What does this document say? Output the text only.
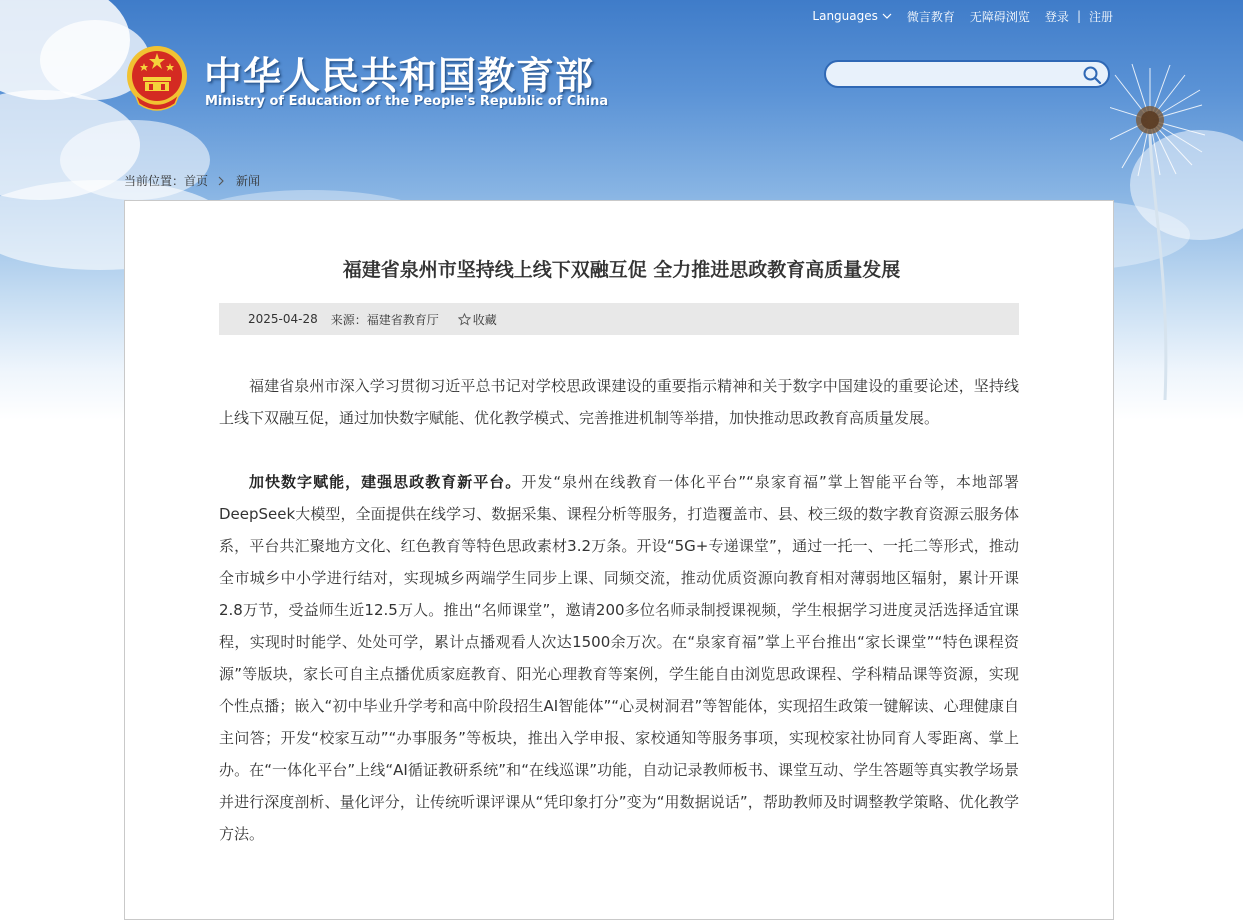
Languages 微言教育 无障碍浏览 登录 | 注册
中华人民共和国教育部
Ministry of Education of the People's Republic of China
当前位置： 首页 新闻
福建省泉州市坚持线上线下双融互促 全力推进思政教育高质量发展
2025-04-28 来源：福建省教育厅	收藏

福建省泉州市深入学习贯彻习近平总书记对学校思政课建设的重要指示精神和关于数字中国建设的重要论述，坚持线上线下双融互促，通过加快数字赋能、优化教学模式、完善推进机制等举措，加快推动思政教育高质量发展。

加快数字赋能，建强思政教育新平台。开发“泉州在线教育一体化平台”“泉家育福”掌上智能平台等，本地部署DeepSeek大模型，全面提供在线学习、数据采集、课程分析等服务，打造覆盖市、县、校三级的数字教育资源云服务体系，平台共汇聚地方文化、红色教育等特色思政素材3.2万条。开设“5G+专递课堂”，通过一托一、一托二等形式，推动全市城乡中小学进行结对，实现城乡两端学生同步上课、同频交流，推动优质资源向教育相对薄弱地区辐射，累计开课2.8万节，受益师生近12.5万人。推出“名师课堂”，邀请200多位名师录制授课视频，学生根据学习进度灵活选择适宜课程，实现时时能学、处处可学，累计点播观看人次达1500余万次。在“泉家育福”掌上平台推出“家长课堂”“特色课程资源”等版块，家长可自主点播优质家庭教育、阳光心理教育等案例，学生能自由浏览思政课程、学科精品课等资源，实现个性点播；嵌入“初中毕业升学考和高中阶段招生AI智能体”“心灵树洞君”等智能体，实现招生政策一键解读、心理健康自主问答；开发“校家互动”“办事服务”等板块，推出入学申报、家校通知等服务事项，实现校家社协同育人零距离、掌上办。在“一体化平台”上线“AI循证教研系统”和“在线巡课”功能，自动记录教师板书、课堂互动、学生答题等真实教学场景并进行深度剖析、量化评分，让传统听课评课从“凭印象打分”变为“用数据说话”，帮助教师及时调整教学策略、优化教学方法。
